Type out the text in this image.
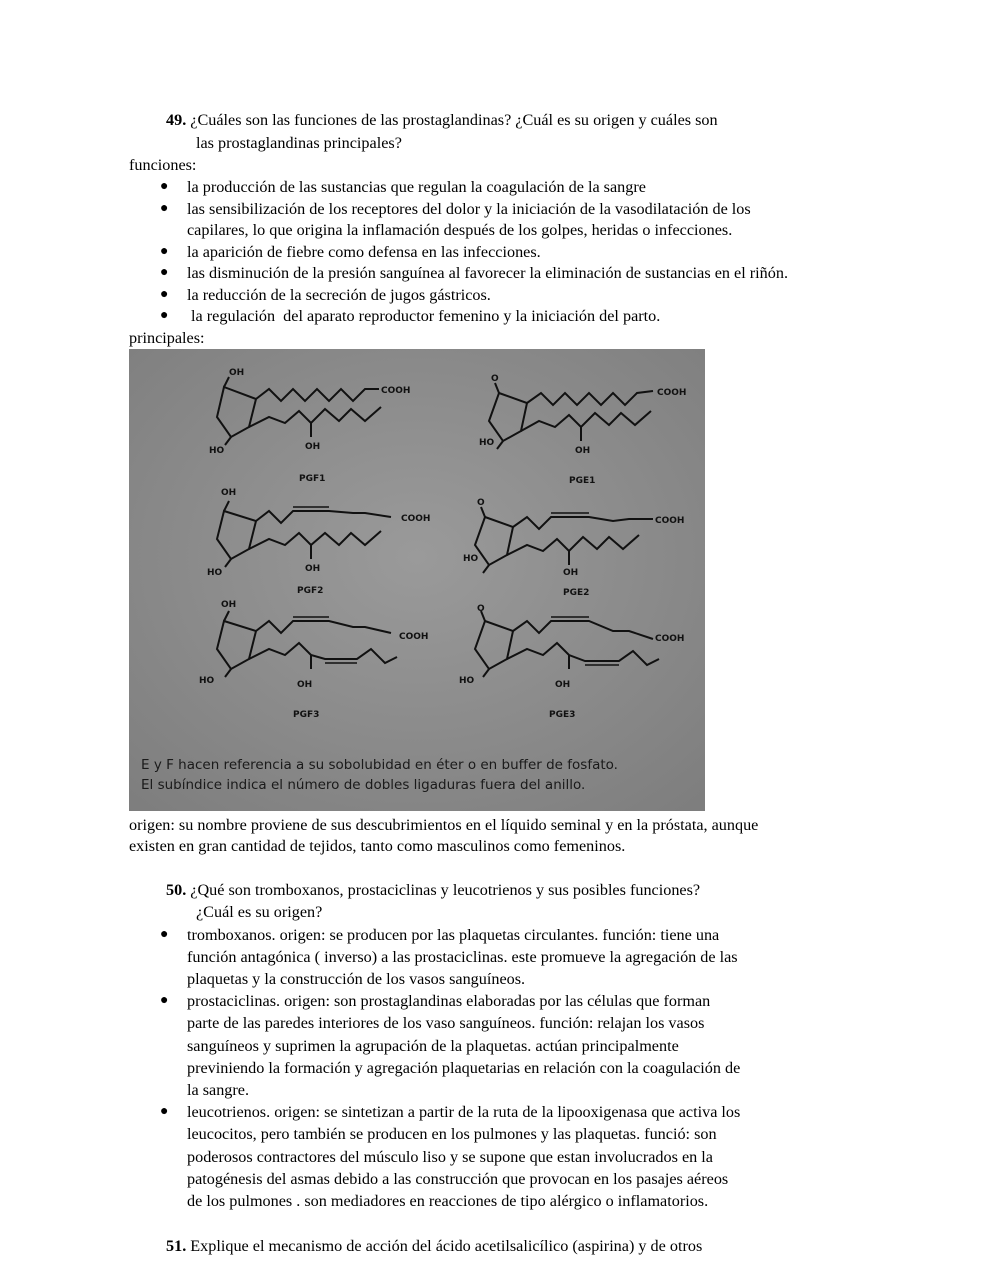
49. ¿Cuáles son las funciones de las prostaglandinas? ¿Cuál es su origen y cuáles son
las prostaglandinas principales?
funciones:
● la producción de las sustancias que regulan la coagulación de la sangre
● las sensibilización de los receptores del dolor y la iniciación de la vasodilatación de los
capilares, lo que origina la inflamación después de los golpes, heridas o infecciones.
● la aparición de fiebre como defensa en las infecciones.
● las disminución de la presión sanguínea al favorecer la eliminación de sustancias en el riñón.
● la reducción de la secreción de jugos gástricos.
● la regulación  del aparato reproductor femenino y la iniciación del parto.
principales:
OH
HO	OH
COOH
PGF1
OH
HO	OH
COOH
PGF2
OH
HO	OH
COOH
PGF3
O
HO
OH
COOH
PGE1
O
HO
OH
COOH
PGE2
O
HO	OH
COOH
PGE3
E y F hacen referencia a su sobolubidad en éter o en buffer de fosfato.
El subíndice indica el número de dobles ligaduras fuera del anillo.
origen: su nombre proviene de sus descubrimientos en el líquido seminal y en la próstata, aunque
existen en gran cantidad de tejidos, tanto como masculinos como femeninos.
50. ¿Qué son tromboxanos, prostaciclinas y leucotrienos y sus posibles funciones?
¿Cuál es su origen?
● tromboxanos. origen: se producen por las plaquetas circulantes. función: tiene una
función antagónica ( inverso) a las prostaciclinas. este promueve la agregación de las
plaquetas y la construcción de los vasos sanguíneos.
● prostaciclinas. origen: son prostaglandinas elaboradas por las células que forman
parte de las paredes interiores de los vaso sanguíneos. función: relajan los vasos
sanguíneos y suprimen la agrupación de la plaquetas. actúan principalmente
previniendo la formación y agregación plaquetarias en relación con la coagulación de
la sangre.
● leucotrienos. origen: se sintetizan a partir de la ruta de la lipooxigenasa que activa los
leucocitos, pero también se producen en los pulmones y las plaquetas. funció: son
poderosos contractores del músculo liso y se supone que estan involucrados en la
patogénesis del asmas debido a las construcción que provocan en los pasajes aéreos
de los pulmones . son mediadores en reacciones de tipo alérgico o inflamatorios.
51. Explique el mecanismo de acción del ácido acetilsalicílico (aspirina) y de otros
